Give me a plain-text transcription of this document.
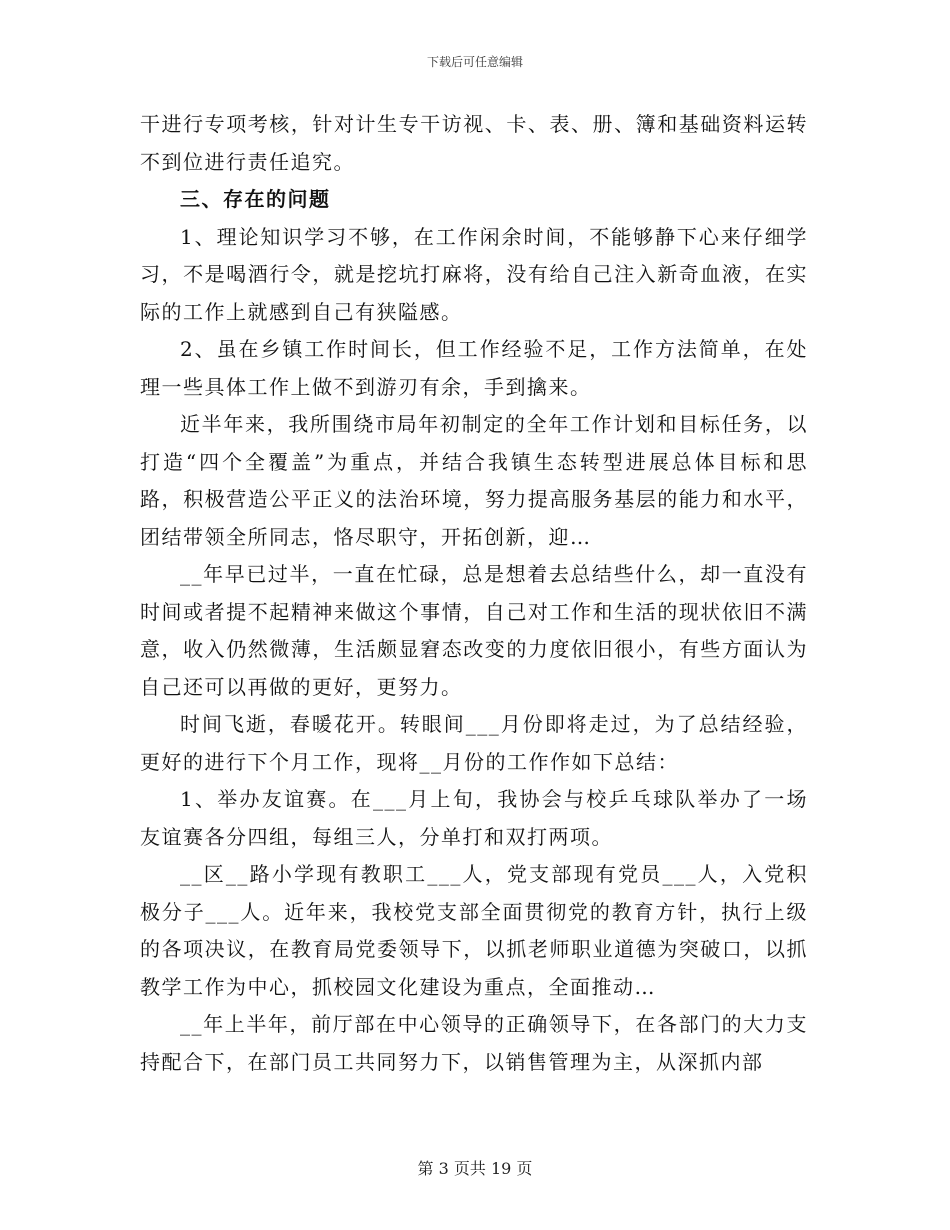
下载后可任意编辑

干进行专项考核，针对计生专干访视、卡、表、册、簿和基础资料运转不到位进行责任追究。

三、存在的问题

1、理论知识学习不够，在工作闲余时间，不能够静下心来仔细学习，不是喝酒行令，就是挖坑打麻将，没有给自己注入新奇血液，在实际的工作上就感到自己有狭隘感。

2、虽在乡镇工作时间长，但工作经验不足，工作方法简单，在处理一些具体工作上做不到游刃有余，手到擒来。

近半年来，我所围绕市局年初制定的全年工作计划和目标任务，以打造“四个全覆盖”为重点，并结合我镇生态转型进展总体目标和思路，积极营造公平正义的法治环境，努力提高服务基层的能力和水平，团结带领全所同志，恪尽职守，开拓创新，迎…

__年早已过半，一直在忙碌，总是想着去总结些什么，却一直没有时间或者提不起精神来做这个事情，自己对工作和生活的现状依旧不满意，收入仍然微薄，生活颇显窘态改变的力度依旧很小，有些方面认为自己还可以再做的更好，更努力。

时间飞逝，春暖花开。转眼间___月份即将走过，为了总结经验，更好的进行下个月工作，现将__月份的工作作如下总结：

1、举办友谊赛。在___月上旬，我协会与校乒乓球队举办了一场友谊赛各分四组，每组三人，分单打和双打两项。

__区__路小学现有教职工___人，党支部现有党员___人，入党积极分子___人。近年来，我校党支部全面贯彻党的教育方针，执行上级的各项决议，在教育局党委领导下，以抓老师职业道德为突破口，以抓教学工作为中心，抓校园文化建设为重点，全面推动…

__年上半年，前厅部在中心领导的正确领导下，在各部门的大力支持配合下，在部门员工共同努力下，以销售管理为主，从深抓内部

第 3 页共 19 页
